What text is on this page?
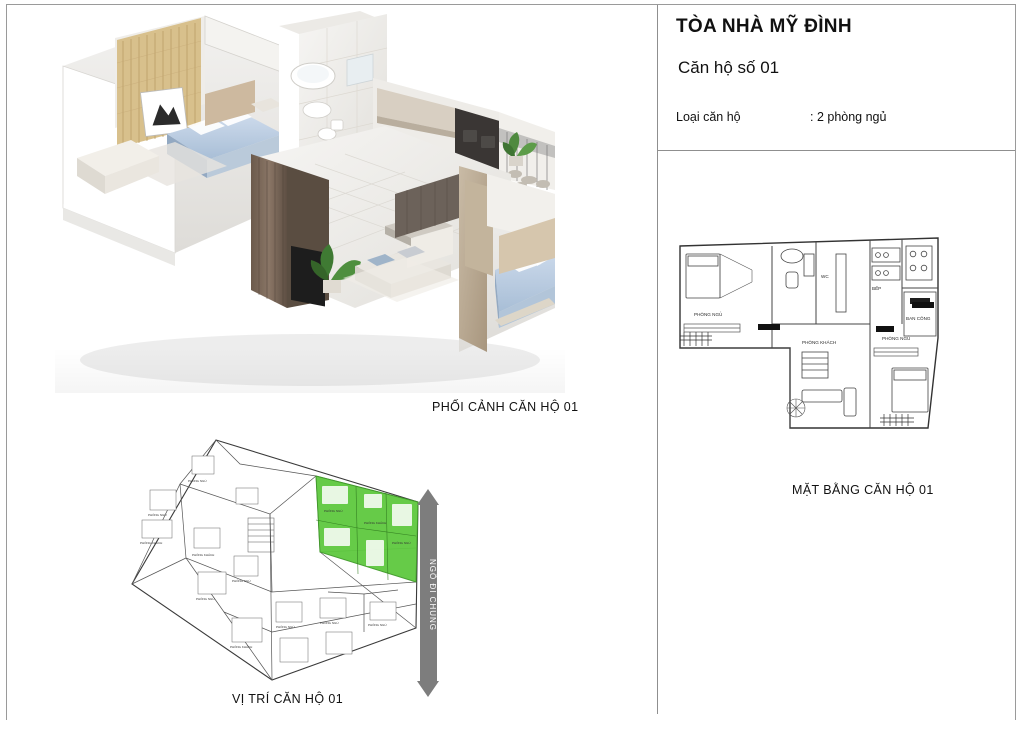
PHỐI CẢNH CĂN HỘ 01
PHÒNG NGỦ
PHÒNG KHÁCH
PHÒNG NGỦ
PHÒNG NGỦ
PHÒNG KHÁCH
PHÒNG NGỦ
PHÒNG KHÁCH
PHÒNG NGỦ
PHÒNG NGỦ
PHÒNG KHÁCH
PHÒNG NGỦ
PHÒNG NGỦ	PHÒNG NGỦ	NGÕ ĐI CHUNG
VỊ TRÍ CĂN HỘ 01
PHÒNG NGỦ
WC
BẾP
BAN CÔNG
PHÒNG KHÁCH
PHÒNG NGỦ
MẶT BẰNG CĂN HỘ 01
TÒA NHÀ MỸ ĐÌNH
Căn hộ số 01
Loại căn hộ	: 2 phòng ngủ
